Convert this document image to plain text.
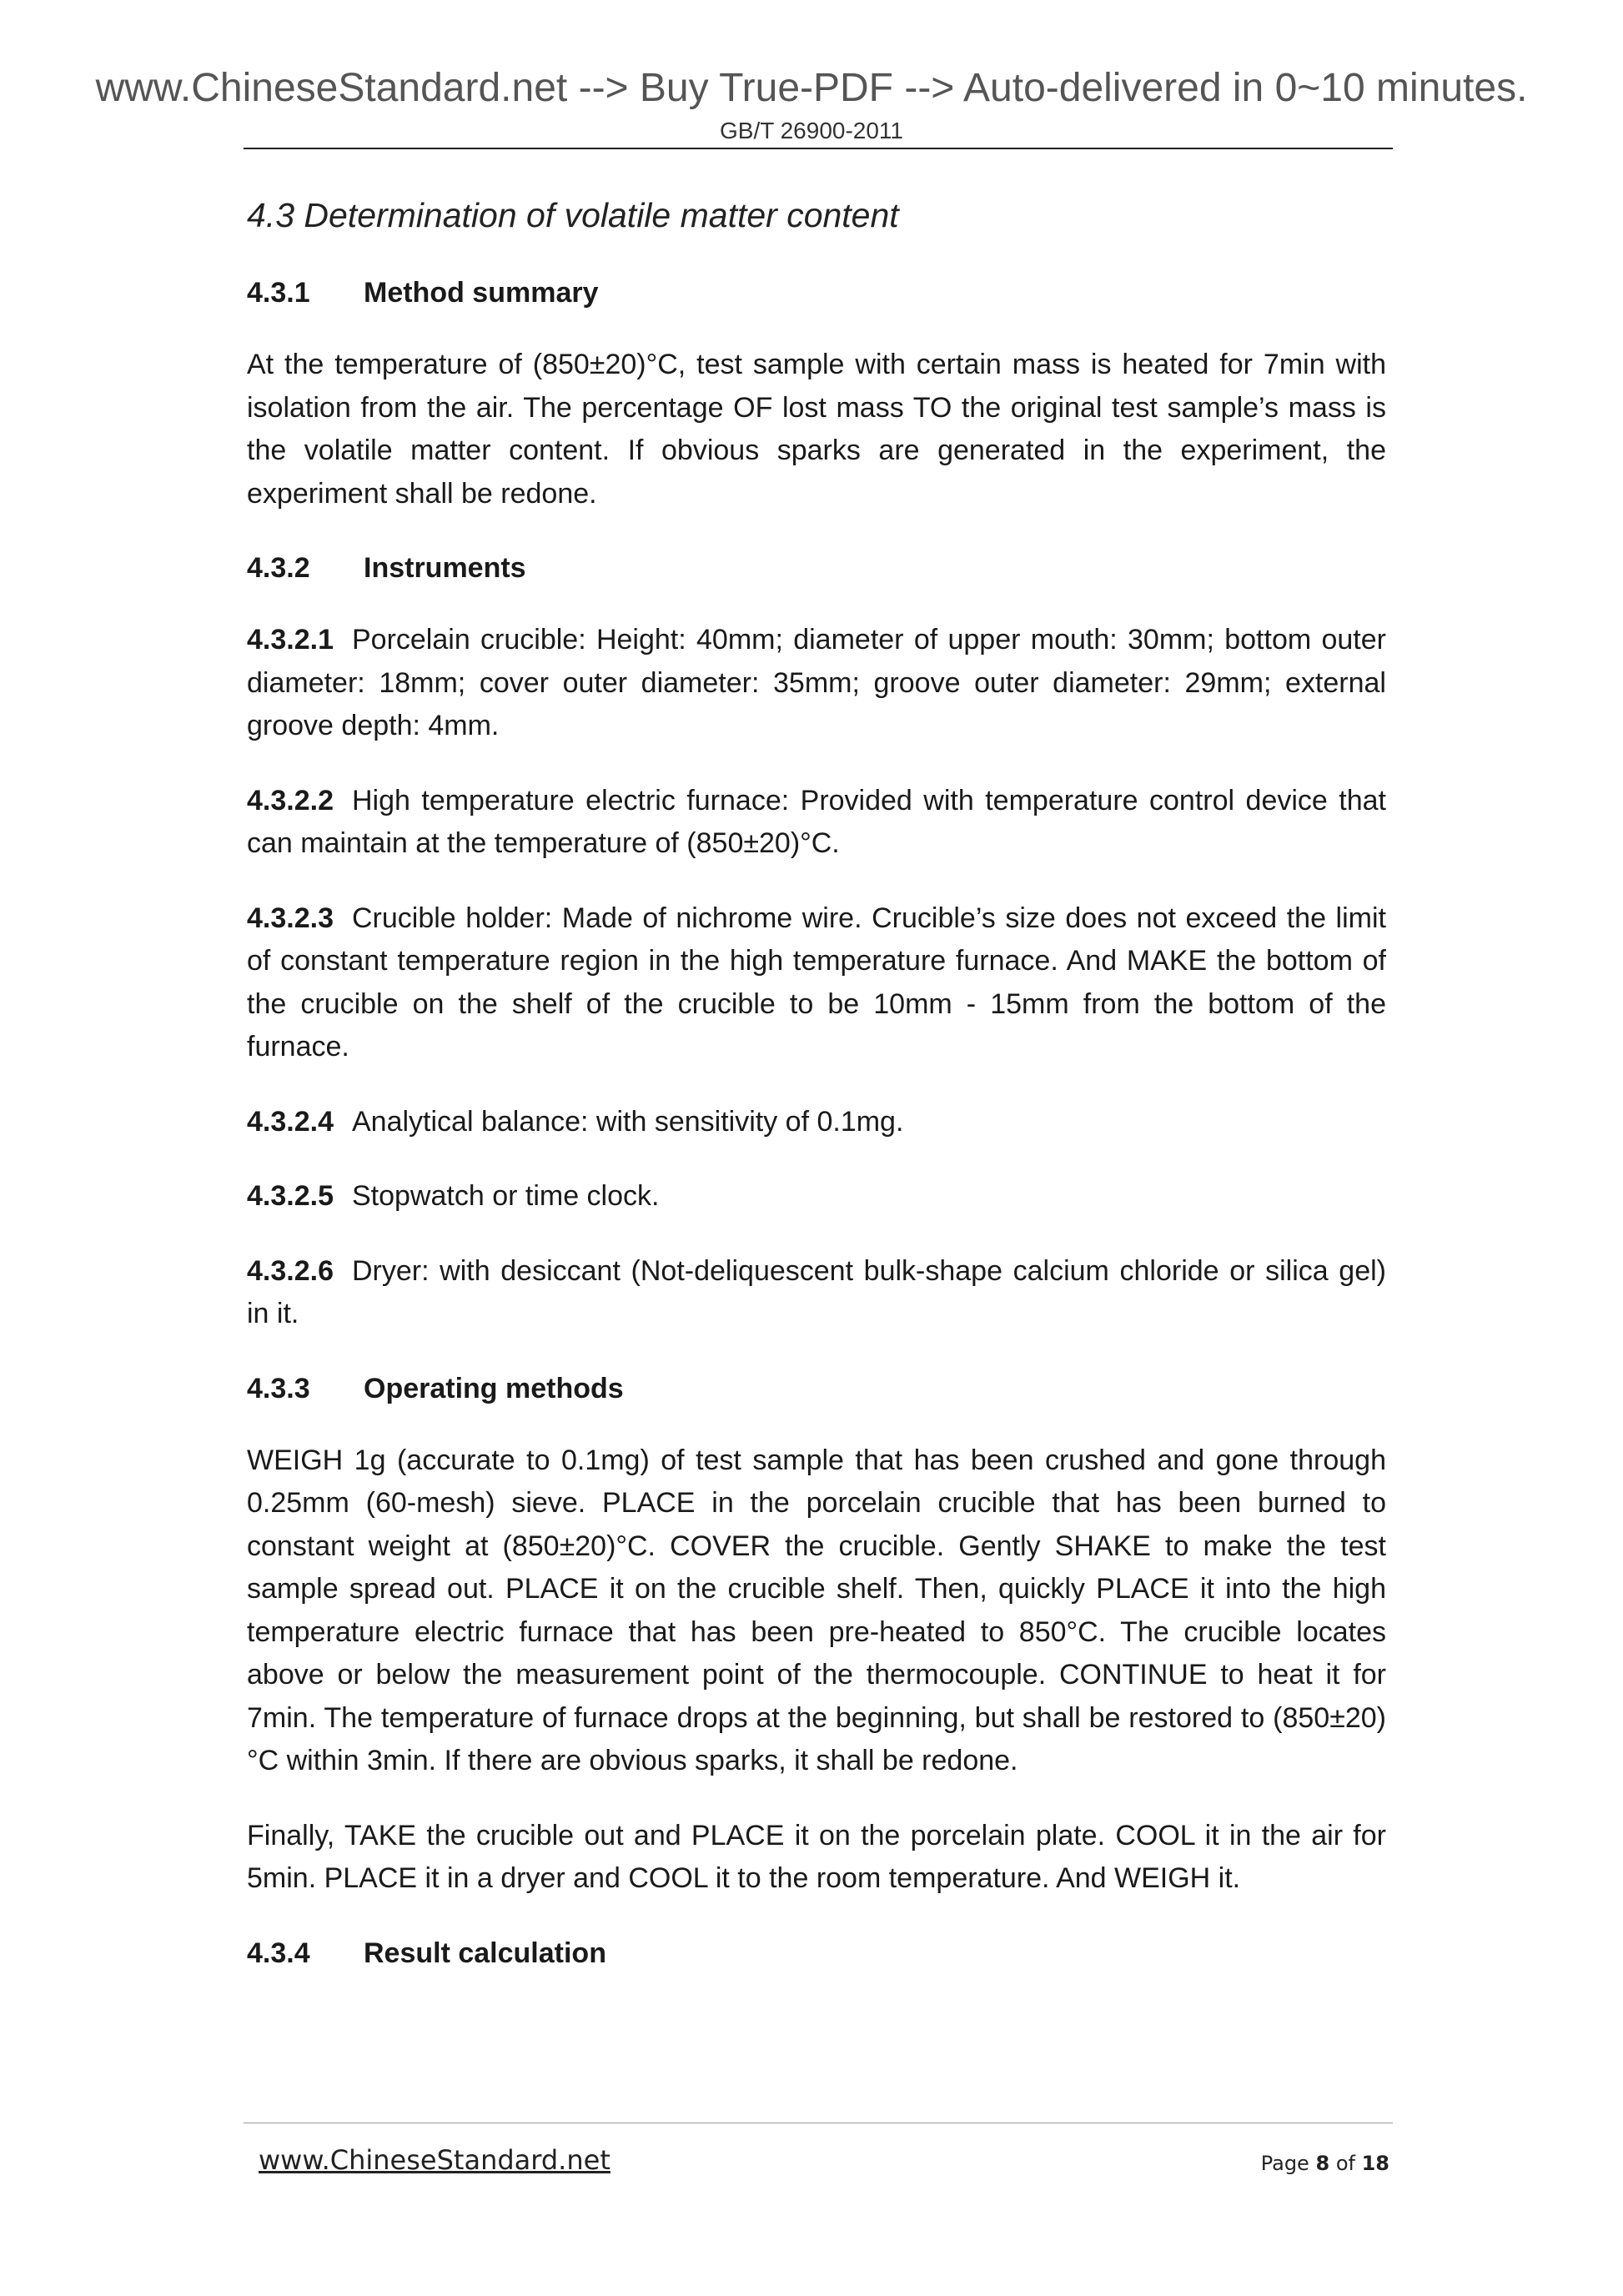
www.ChineseStandard.net --> Buy True-PDF --> Auto-delivered in 0~10 minutes.
GB/T 26900-2011
4.3 Determination of volatile matter content
4.3.1 Method summary

At the temperature of (850±20)°C, test sample with certain mass is heated for 7min with isolation from the air. The percentage OF lost mass TO the original test sample’s mass is the volatile matter content. If obvious sparks are generated in the experiment, the experiment shall be redone.

4.3.2 Instruments

4.3.2.1 Porcelain crucible: Height: 40mm; diameter of upper mouth: 30mm; bottom outer diameter: 18mm; cover outer diameter: 35mm; groove outer diameter: 29mm; external groove depth: 4mm.

4.3.2.2 High temperature electric furnace: Provided with temperature control device that can maintain at the temperature of (850±20)°C.

4.3.2.3 Crucible holder: Made of nichrome wire. Crucible’s size does not exceed the limit of constant temperature region in the high temperature furnace. And MAKE the bottom of the crucible on the shelf of the crucible to be 10mm - 15mm from the bottom of the furnace.

4.3.2.4 Analytical balance: with sensitivity of 0.1mg.

4.3.2.5 Stopwatch or time clock.

4.3.2.6 Dryer: with desiccant (Not-deliquescent bulk-shape calcium chloride or silica gel) in it.

4.3.3 Operating methods

WEIGH 1g (accurate to 0.1mg) of test sample that has been crushed and gone through 0.25mm (60-mesh) sieve. PLACE in the porcelain crucible that has been burned to constant weight at (850±20)°C. COVER the crucible. Gently SHAKE to make the test sample spread out. PLACE it on the crucible shelf. Then, quickly PLACE it into the high temperature electric furnace that has been pre-heated to 850°C. The crucible locates above or below the measurement point of the thermocouple. CONTINUE to heat it for 7min. The temperature of furnace drops at the beginning, but shall be restored to (850±20)°C within 3min. If there are obvious sparks, it shall be redone.

Finally, TAKE the crucible out and PLACE it on the porcelain plate. COOL it in the air for 5min. PLACE it in a dryer and COOL it to the room temperature. And WEIGH it.

4.3.4 Result calculation
www.ChineseStandard.net	Page 8 of 18
